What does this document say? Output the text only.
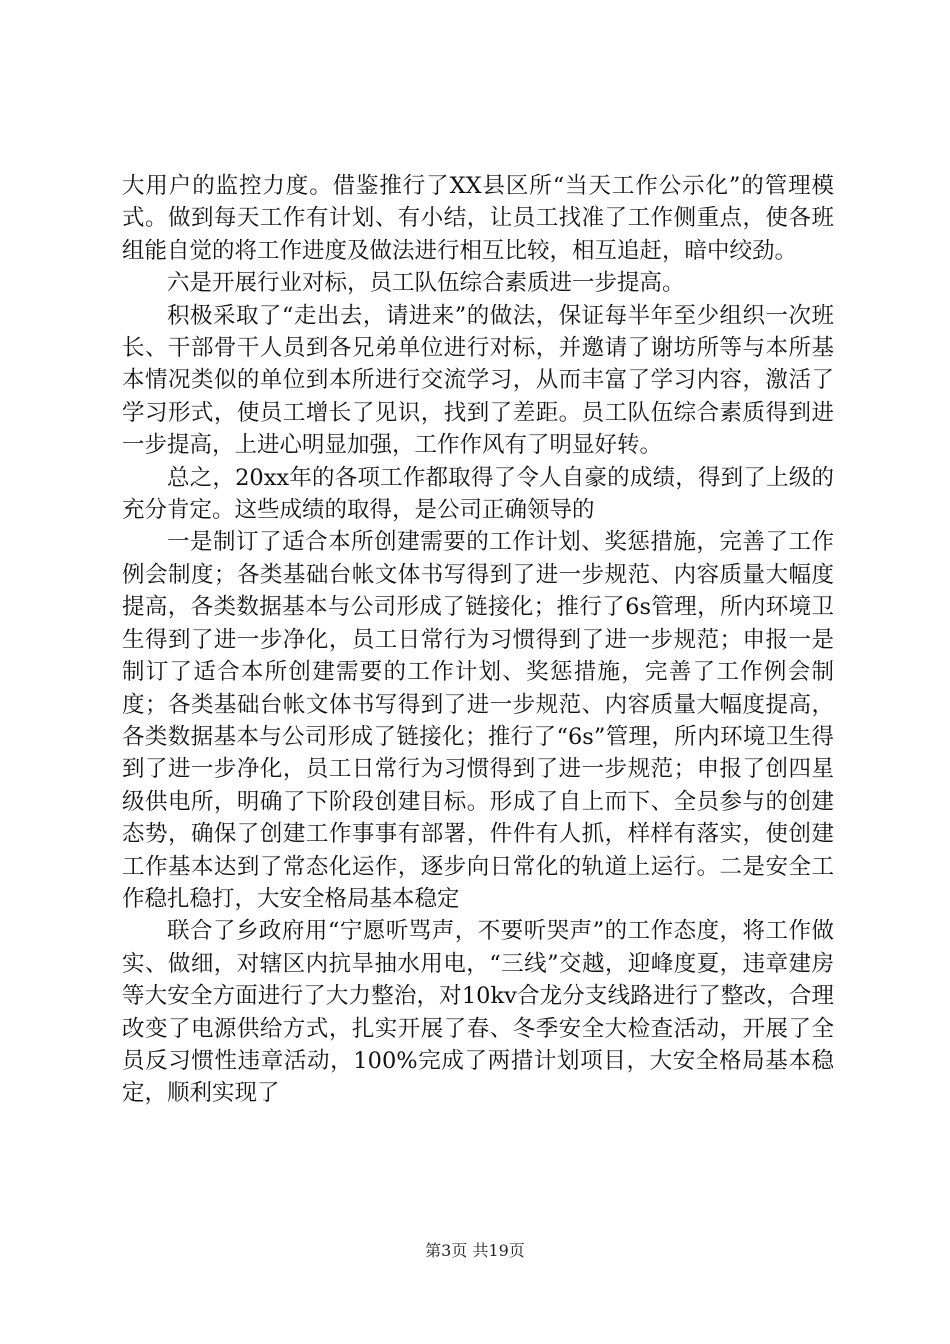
大用户的监控力度。借鉴推行了XX县区所“当天工作公示化”的管理模式。做到每天工作有计划、有小结，让员工找准了工作侧重点，使各班组能自觉的将工作进度及做法进行相互比较，相互追赶，暗中绞劲。

六是开展行业对标，员工队伍综合素质进一步提高。

积极采取了“走出去，请进来”的做法，保证每半年至少组织一次班长、干部骨干人员到各兄弟单位进行对标，并邀请了谢坊所等与本所基本情况类似的单位到本所进行交流学习，从而丰富了学习内容，激活了学习形式，使员工增长了见识，找到了差距。员工队伍综合素质得到进一步提高，上进心明显加强，工作作风有了明显好转。

总之，20xx年的各项工作都取得了令人自豪的成绩，得到了上级的充分肯定。这些成绩的取得，是公司正确领导的

一是制订了适合本所创建需要的工作计划、奖惩措施，完善了工作例会制度；各类基础台帐文体书写得到了进一步规范、内容质量大幅度提高，各类数据基本与公司形成了链接化；推行了6s管理，所内环境卫生得到了进一步净化，员工日常行为习惯得到了进一步规范；申报一是制订了适合本所创建需要的工作计划、奖惩措施，完善了工作例会制度；各类基础台帐文体书写得到了进一步规范、内容质量大幅度提高，各类数据基本与公司形成了链接化；推行了“6s”管理，所内环境卫生得到了进一步净化，员工日常行为习惯得到了进一步规范；申报了创四星级供电所，明确了下阶段创建目标。形成了自上而下、全员参与的创建态势，确保了创建工作事事有部署，件件有人抓，样样有落实，使创建工作基本达到了常态化运作，逐步向日常化的轨道上运行。二是安全工作稳扎稳打，大安全格局基本稳定

联合了乡政府用“宁愿听骂声，不要听哭声”的工作态度，将工作做实、做细，对辖区内抗旱抽水用电，“三线”交越，迎峰度夏，违章建房等大安全方面进行了大力整治，对10kv合龙分支线路进行了整改，合理改变了电源供给方式，扎实开展了春、冬季安全大检查活动，开展了全员反习惯性违章活动，100%完成了两措计划项目，大安全格局基本稳定，顺利实现了

第3页 共19页
